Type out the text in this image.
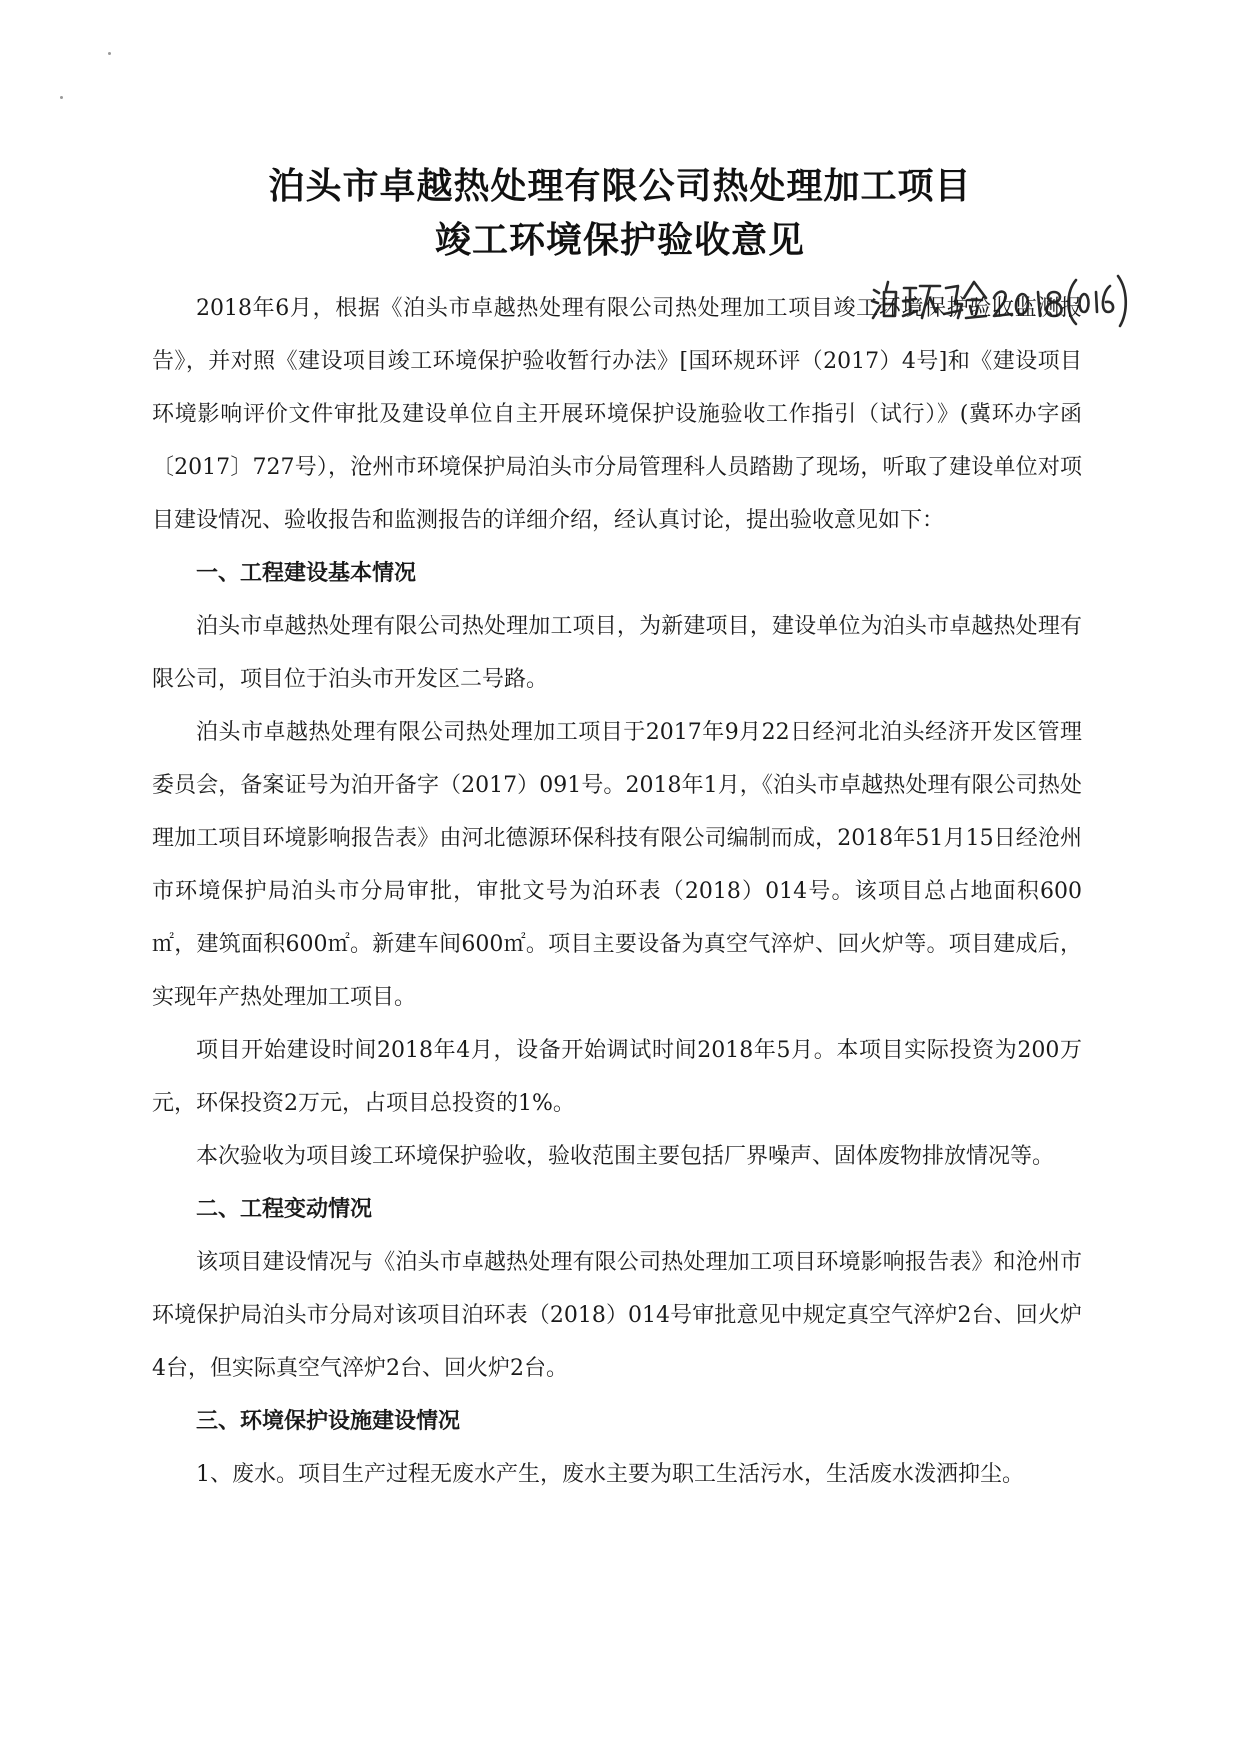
泊头市卓越热处理有限公司热处理加工项目
竣工环境保护验收意见

2018年6月，根据《泊头市卓越热处理有限公司热处理加工项目竣工环境保护验收监测报告》，并对照《建设项目竣工环境保护验收暂行办法》[国环规环评（2017）4号]和《建设项目环境影响评价文件审批及建设单位自主开展环境保护设施验收工作指引（试行）》(冀环办字函〔2017〕727号），沧州市环境保护局泊头市分局管理科人员踏勘了现场，听取了建设单位对项目建设情况、验收报告和监测报告的详细介绍，经认真讨论，提出验收意见如下：

一、工程建设基本情况

泊头市卓越热处理有限公司热处理加工项目，为新建项目，建设单位为泊头市卓越热处理有限公司，项目位于泊头市开发区二号路。

泊头市卓越热处理有限公司热处理加工项目于2017年9月22日经河北泊头经济开发区管理委员会，备案证号为泊开备字（2017）091号。2018年1月，《泊头市卓越热处理有限公司热处理加工项目环境影响报告表》由河北德源环保科技有限公司编制而成，2018年51月15日经沧州市环境保护局泊头市分局审批，审批文号为泊环表（2018）014号。该项目总占地面积600㎡，建筑面积600㎡。新建车间600㎡。项目主要设备为真空气淬炉、回火炉等。项目建成后，实现年产热处理加工项目。

项目开始建设时间2018年4月，设备开始调试时间2018年5月。本项目实际投资为200万元，环保投资2万元，占项目总投资的1%。

本次验收为项目竣工环境保护验收，验收范围主要包括厂界噪声、固体废物排放情况等。

二、工程变动情况

该项目建设情况与《泊头市卓越热处理有限公司热处理加工项目环境影响报告表》和沧州市环境保护局泊头市分局对该项目泊环表（2018）014号审批意见中规定真空气淬炉2台、回火炉4台，但实际真空气淬炉2台、回火炉2台。

三、环境保护设施建设情况

1、废水。项目生产过程无废水产生，废水主要为职工生活污水，生活废水泼洒抑尘。
